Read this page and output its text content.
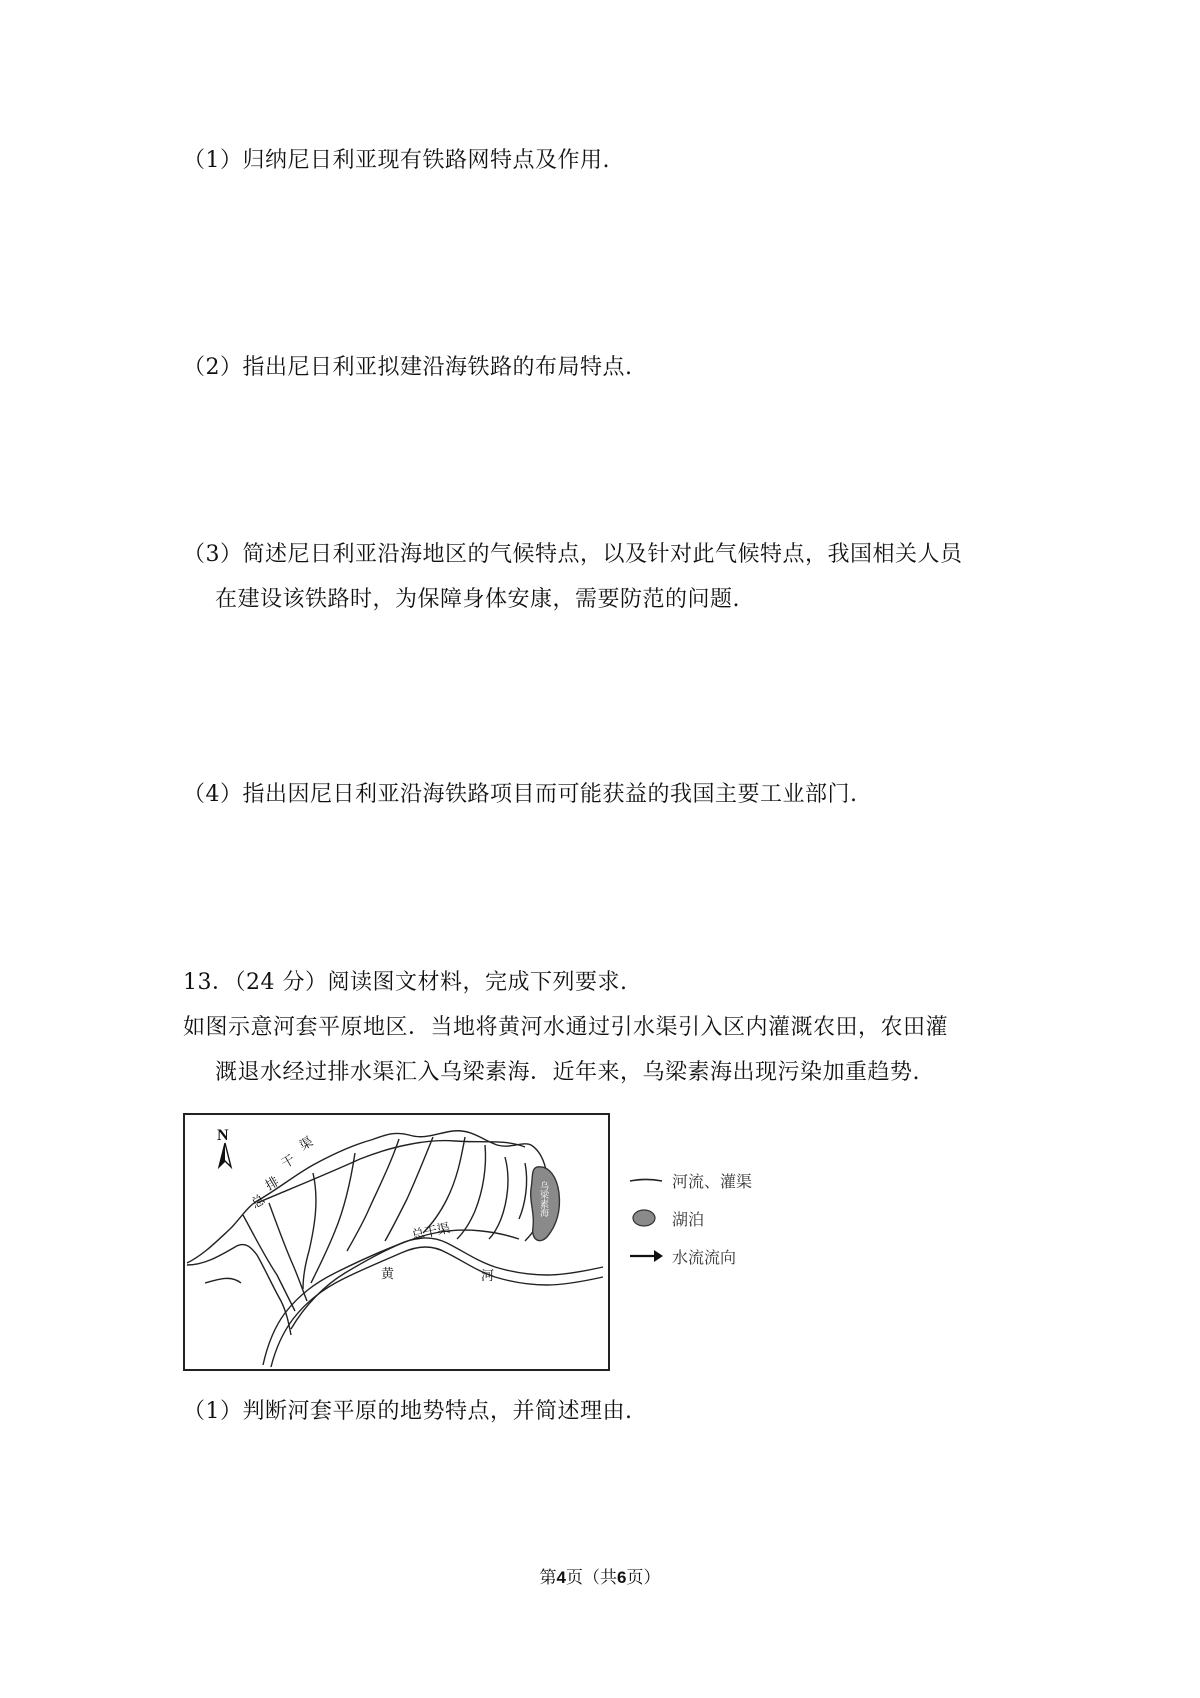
（1）归纳尼日利亚现有铁路网特点及作用.
（2）指出尼日利亚拟建沿海铁路的布局特点.
（3）简述尼日利亚沿海地区的气候特点，以及针对此气候特点，我国相关人员
在建设该铁路时，为保障身体安康，需要防范的问题.
（4）指出因尼日利亚沿海铁路项目而可能获益的我国主要工业部门.
13．（24 分）阅读图文材料，完成下列要求.
如图示意河套平原地区．当地将黄河水通过引水渠引入区内灌溉农田，农田灌
溉退水经过排水渠汇入乌梁素海．近年来，乌梁素海出现污染加重趋势.
N
总
排
干
渠
总干渠
黄	河
乌梁素海	河流、灌渠
湖泊
水流流向
（1）判断河套平原的地势特点，并简述理由.
第4页（共6页）
